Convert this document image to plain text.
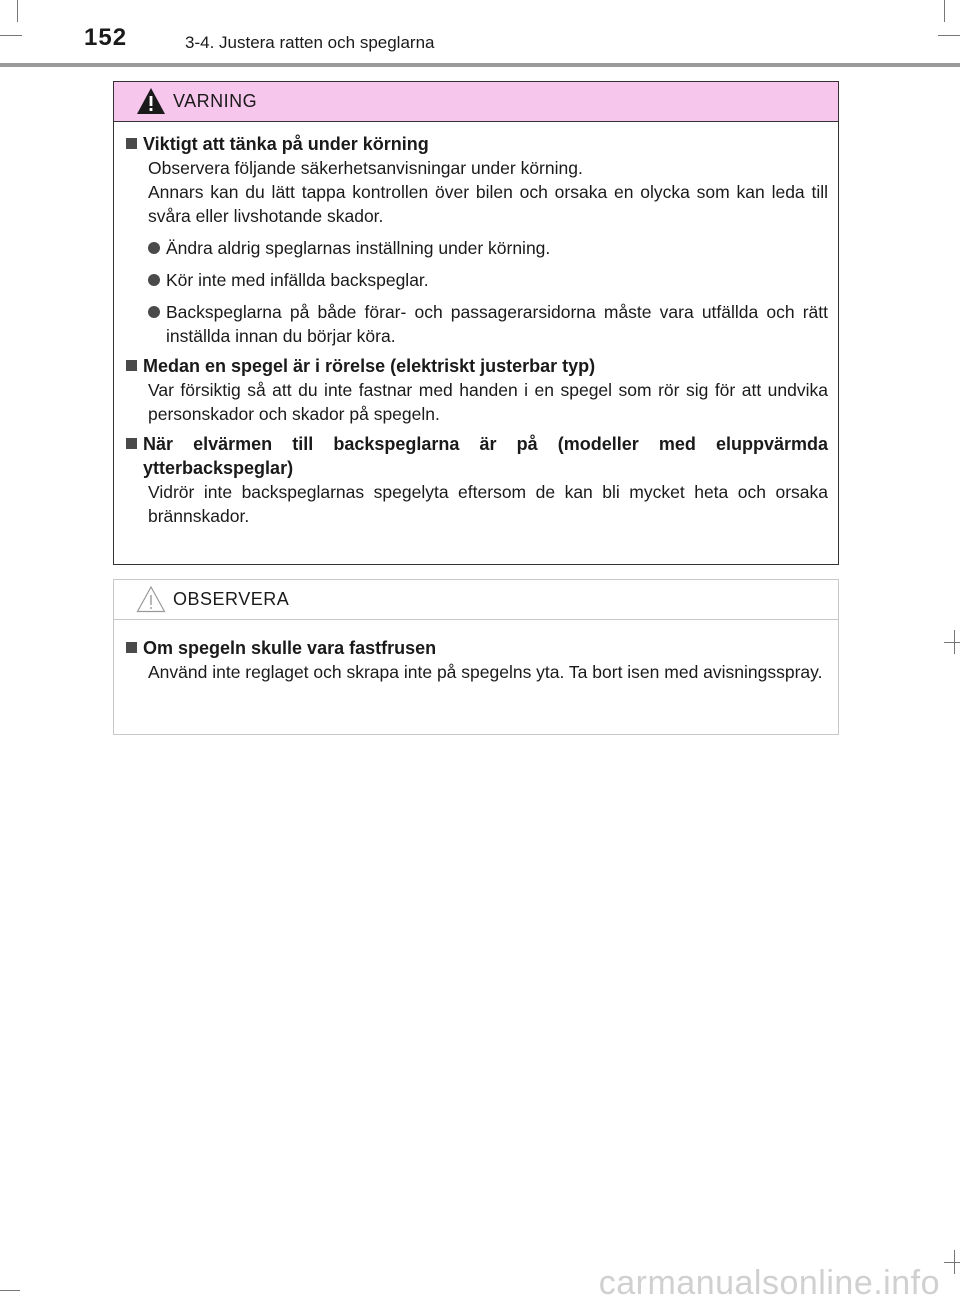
152	3-4. Justera ratten och speglarna
VARNING
Viktigt att tänka på under körning
Observera följande säkerhetsanvisningar under körning.
Annars kan du lätt tappa kontrollen över bilen och orsaka en olycka som kan leda till svåra eller livshotande skador.
Ändra aldrig speglarnas inställning under körning.
Kör inte med infällda backspeglar.
Backspeglarna på både förar- och passagerarsidorna måste vara utfällda och rätt inställda innan du börjar köra.
Medan en spegel är i rörelse (elektriskt justerbar typ)
Var försiktig så att du inte fastnar med handen i en spegel som rör sig för att undvika personskador och skador på spegeln.
När elvärmen till backspeglarna är på (modeller med eluppvärmda ytterbackspeglar)
Vidrör inte backspeglarnas spegelyta eftersom de kan bli mycket heta och orsaka brännskador.
OBSERVERA
Om spegeln skulle vara fastfrusen
Använd inte reglaget och skrapa inte på spegelns yta. Ta bort isen med avisningsspray.
carmanualsonline.info
